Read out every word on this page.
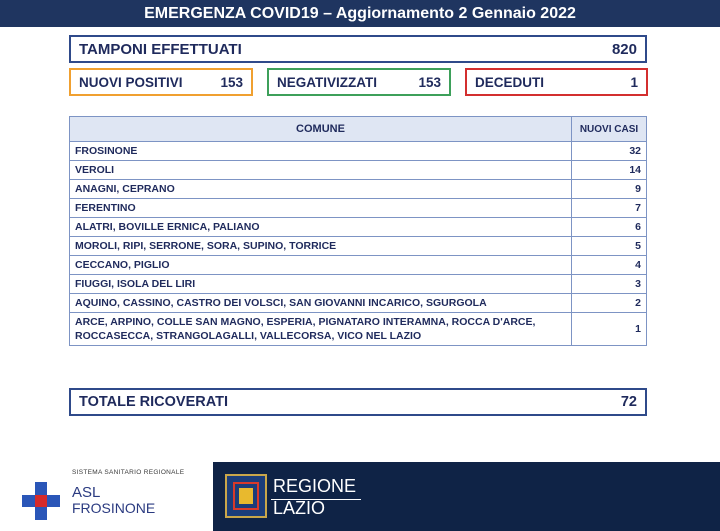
EMERGENZA COVID19 – Aggiornamento 2 Gennaio 2022
TAMPONI EFFETTUATI	820
NUOVI POSITIVI	153	NEGATIVIZZATI	153	DECEDUTI	1
COMUNE	NUOVI CASI
FROSINONE	32
VEROLI	14
ANAGNI, CEPRANO	9
FERENTINO	7
ALATRI, BOVILLE ERNICA, PALIANO	6
MOROLI, RIPI, SERRONE, SORA, SUPINO, TORRICE	5
CECCANO, PIGLIO	4
FIUGGI, ISOLA DEL LIRI	3
AQUINO, CASSINO, CASTRO DEI VOLSCI, SAN GIOVANNI INCARICO, SGURGOLA	2
ARCE, ARPINO, COLLE SAN MAGNO, ESPERIA, PIGNATARO INTERAMNA, ROCCA D'ARCE, ROCCASECCA, STRANGOLAGALLI, VALLECORSA, VICO NEL LAZIO	1
TOTALE RICOVERATI	72
SISTEMA SANITARIO REGIONALE
ASL
FROSINONE
REGIONE
LAZIO
